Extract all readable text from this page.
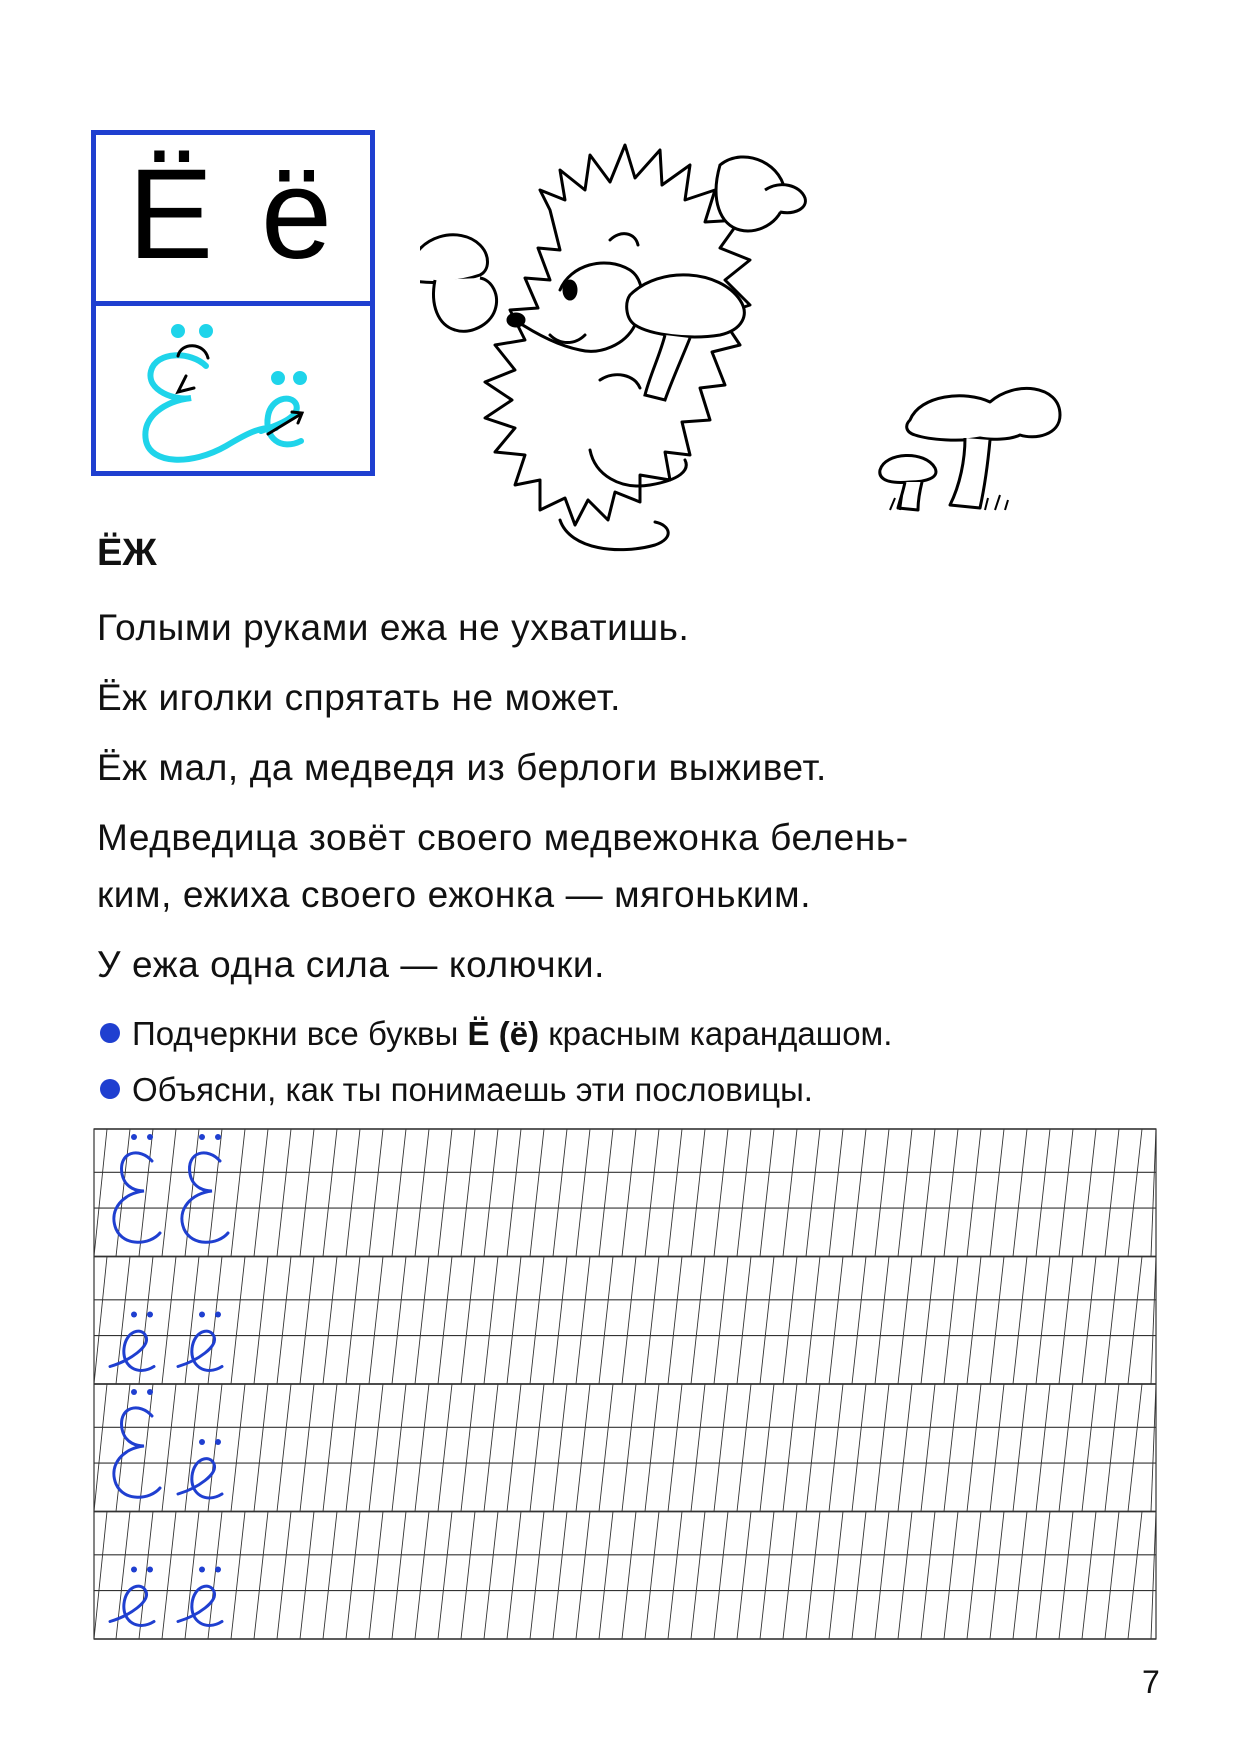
Ё ё
ЁЖ
Голыми руками ежа не ухватишь.
Ёж иголки спрятать не может.
Ёж мал, да медведя из берлоги выживет.
Медведица зовёт своего медвежонка белень-
ким, ежиха своего ежонка — мягоньким.
У ежа одна сила — колючки.
Подчеркни все буквы Ё (ё) красным карандашом.
Объясни, как ты понимаешь эти пословицы.
7
